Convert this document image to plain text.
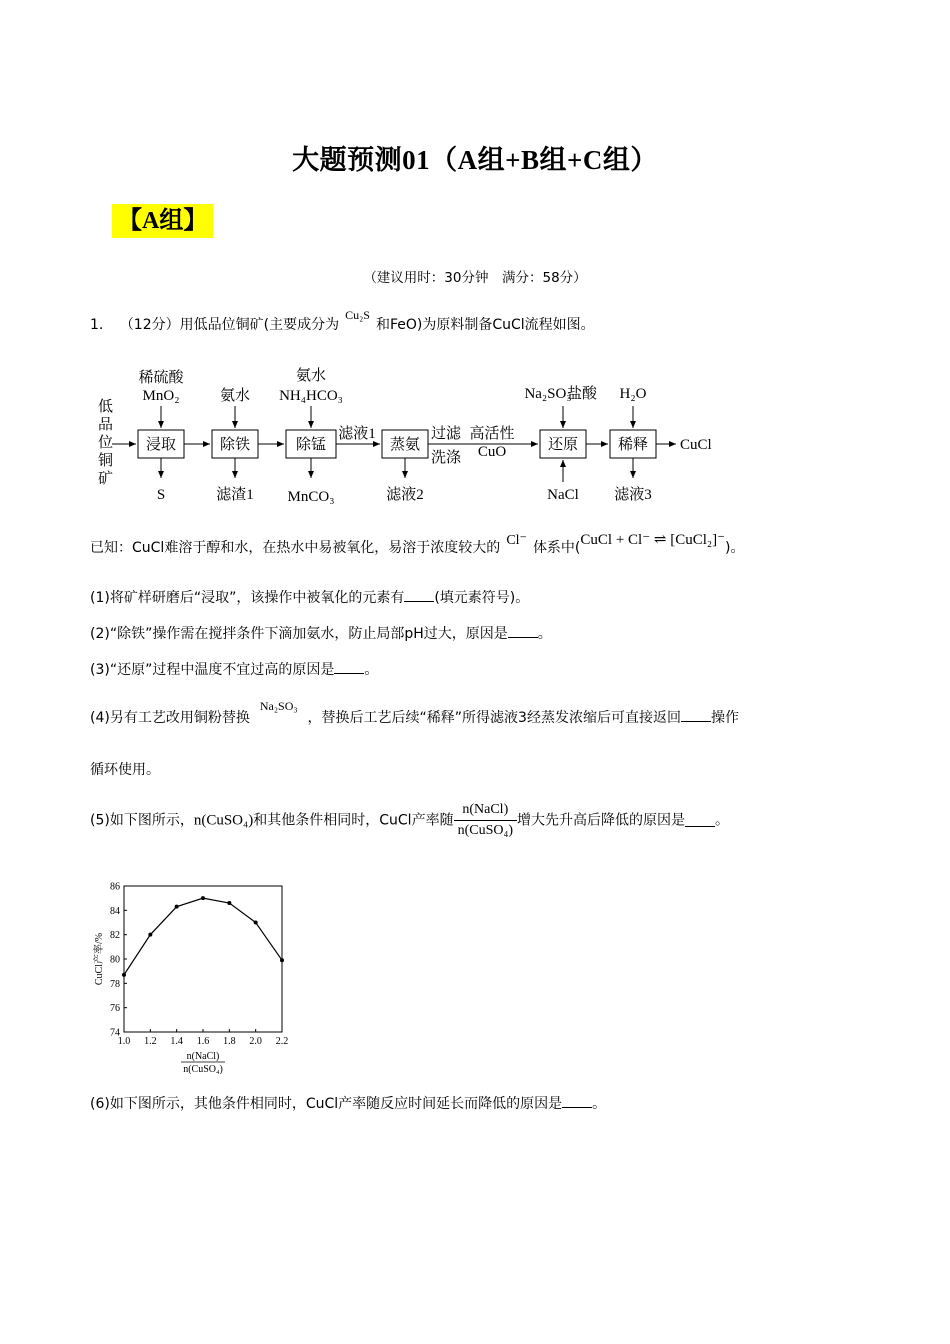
大题预测01（A组+B组+C组）
【A组】
（建议用时：30分钟　满分：58分）
1. （12分）用低品位铜矿(主要成分为Cu₂S和FeO)为原料制备CuCl流程如图。
低
品
位
铜
矿
浸取	除铁	除锰	蒸氨	还原	稀释
稀硫酸
MnO₂	氨水
氨水
NH₄HCO₃	Na₂SO₃
盐酸 H₂O
S	滤渣1 MnCO₃	滤液2	NaCl 滤液3
滤液1	过滤
洗涤
高活性
CuO	CuCl
已知：CuCl难溶于醇和水，在热水中易被氧化，易溶于浓度较大的 Cl⁻ 体系中(CuCl + Cl⁻ ⇌ [CuCl₂]⁻)。
(1)将矿样研磨后“浸取”，该操作中被氧化的元素有 (填元素符号)。
(2)“除铁”操作需在搅拌条件下滴加氨水，防止局部pH过大，原因是 。
(3)“还原”过程中温度不宜过高的原因是 。
(4)另有工艺改用铜粉替换Na₂SO₃，替换后工艺后续“稀释”所得滤液3经蒸发浓缩后可直接返回 操作
循环使用。
(5)如下图所示，n(CuSO₄)和其他条件相同时，CuCl产率随 $\frac{\text{n(NaCl)}}{\text{n(CuSO₄)}}$ 增大先升高后降低的原因是 。
74
76
78
80
82
84
86
1.0 1.2 1.4 1.6 1.8 2.0 2.2
CuCl产率/%
n(NaCl)
n(CuSO₄)
(6)如下图所示，其他条件相同时，CuCl产率随反应时间延长而降低的原因是 。
